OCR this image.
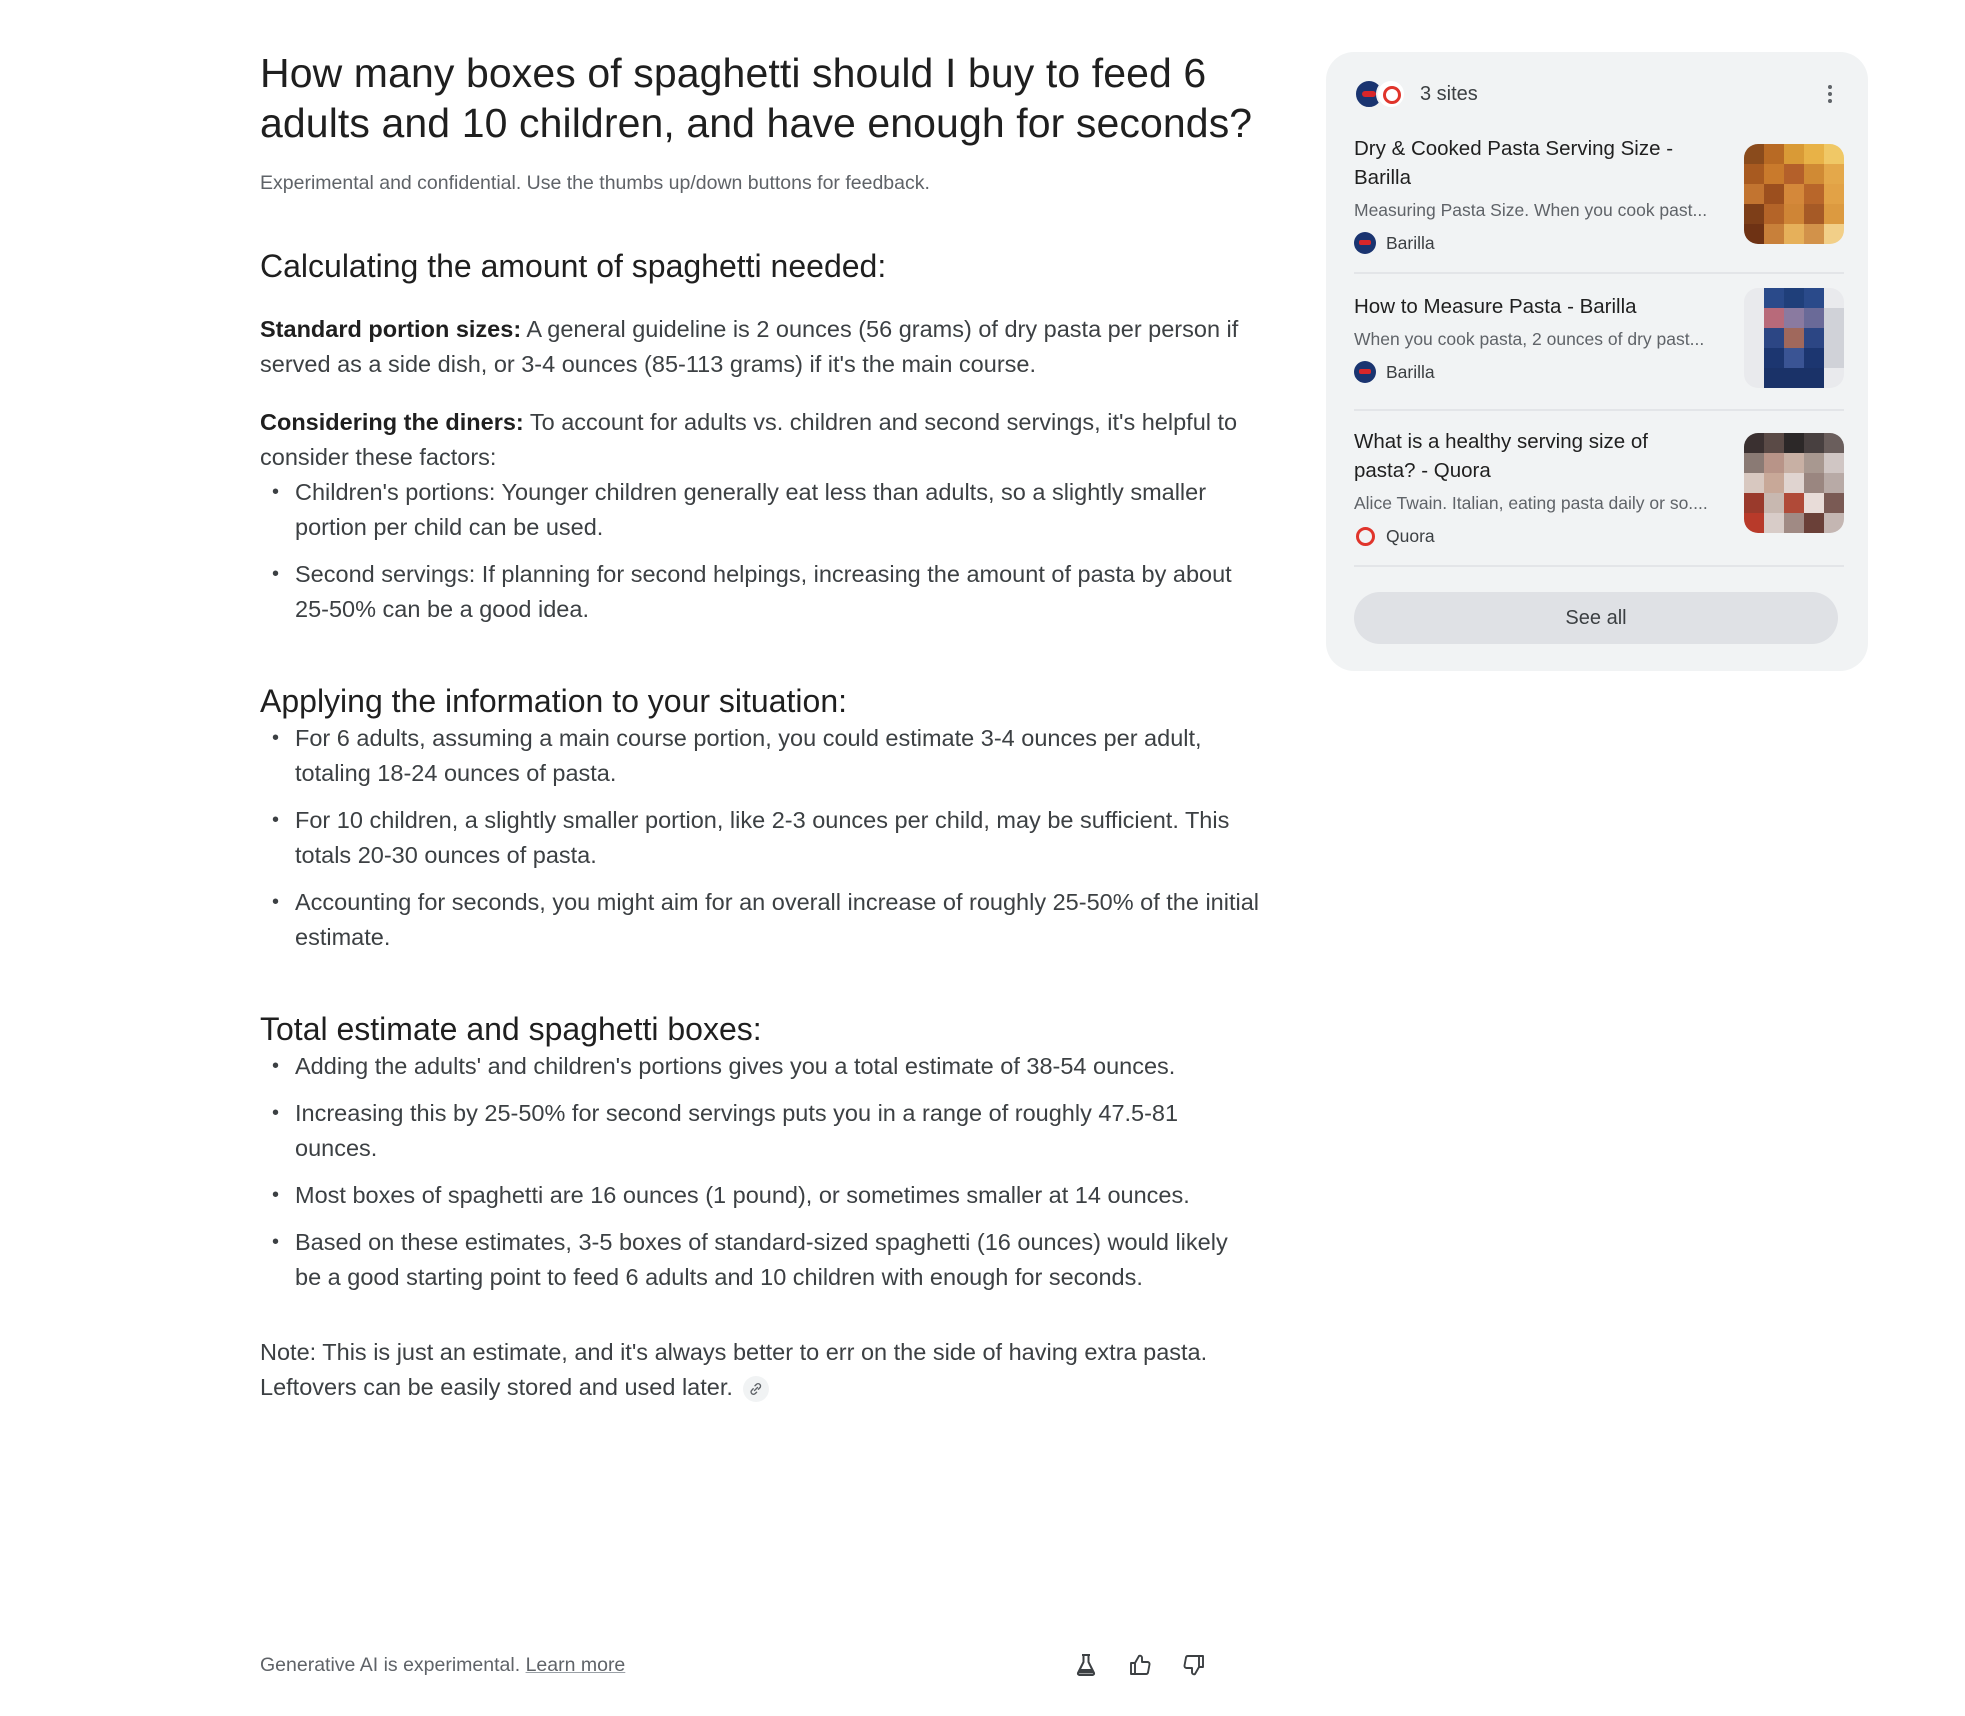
How many boxes of spaghetti should I buy to feed 6 adults and 10 children, and have enough for seconds?
Experimental and confidential. Use the thumbs up/down buttons for feedback.
Calculating the amount of spaghetti needed:

Standard portion sizes: A general guideline is 2 ounces (56 grams) of dry pasta per person if served as a side dish, or 3-4 ounces (85-113 grams) if it's the main course.

Considering the diners: To account for adults vs. children and second servings, it's helpful to consider these factors:

• Children's portions: Younger children generally eat less than adults, so a slightly smaller portion per child can be used.
• Second servings: If planning for second helpings, increasing the amount of pasta by about 25-50% can be a good idea.
Applying the information to your situation:
• For 6 adults, assuming a main course portion, you could estimate 3-4 ounces per adult, totaling 18-24 ounces of pasta.
• For 10 children, a slightly smaller portion, like 2-3 ounces per child, may be sufficient. This totals 20-30 ounces of pasta.
• Accounting for seconds, you might aim for an overall increase of roughly 25-50% of the initial estimate.
Total estimate and spaghetti boxes:
• Adding the adults' and children's portions gives you a total estimate of 38-54 ounces.
• Increasing this by 25-50% for second servings puts you in a range of roughly 47.5-81 ounces.
• Most boxes of spaghetti are 16 ounces (1 pound), or sometimes smaller at 14 ounces.
• Based on these estimates, 3-5 boxes of standard-sized spaghetti (16 ounces) would likely be a good starting point to feed 6 adults and 10 children with enough for seconds.

Note: This is just an estimate, and it's always better to err on the side of having extra pasta. Leftovers can be easily stored and used later.

Generative AI is experimental. Learn more
3 sites
Dry & Cooked Pasta Serving Size - Barilla
Measuring Pasta Size. When you cook past...
Barilla
How to Measure Pasta - Barilla
When you cook pasta, 2 ounces of dry past...
Barilla
What is a healthy serving size of pasta? - Quora
Alice Twain. Italian, eating pasta daily or so....
Quora
See all
